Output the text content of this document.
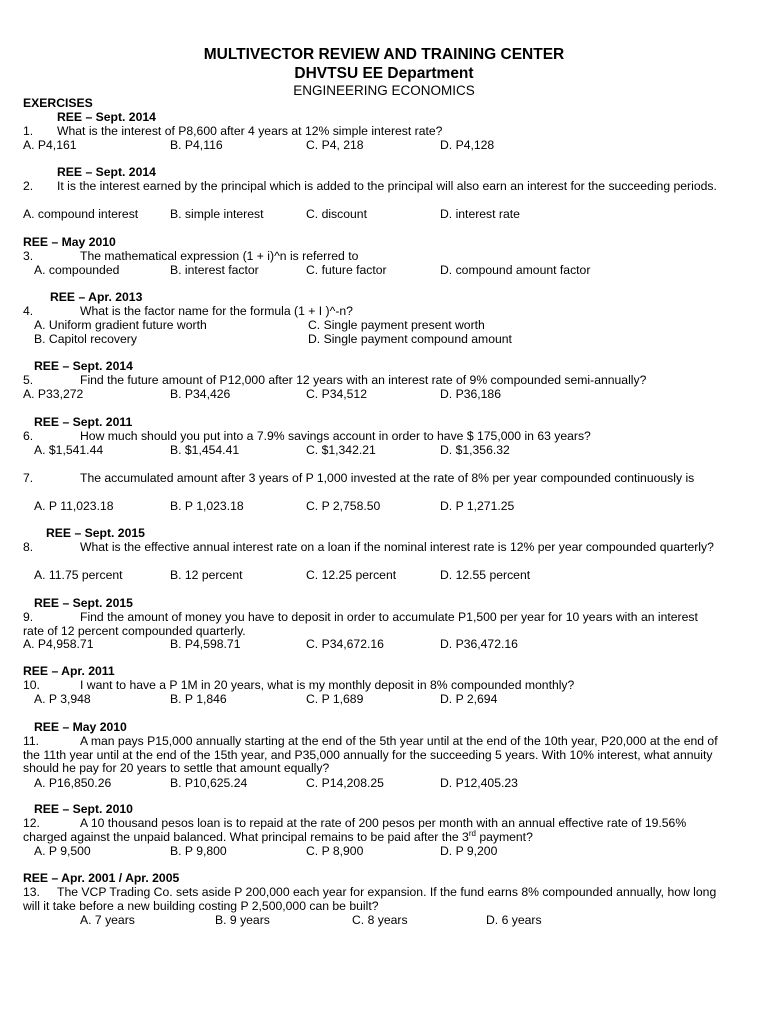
MULTIVECTOR REVIEW AND TRAINING CENTER
DHVTSU EE Department
ENGINEERING ECONOMICS
EXERCISES
REE – Sept. 2014
1. What is the interest of P8,600 after 4 years at 12% simple interest rate?
A. P4,161	B. P4,116	C. P4, 218	D. P4,128
REE – Sept. 2014
2.	It is the interest earned by the principal which is added to the principal will also earn an interest for the succeeding periods.
A. compound interest	B. simple interest	C. discount	D. interest rate
REE – May 2010
3.	The mathematical expression (1 + i)^n is referred to
A. compounded	B. interest factor	C. future factor	D. compound amount factor
REE – Apr. 2013
4.	What is the factor name for the formula (1 + I )^-n?
A. Uniform gradient future worth	C. Single payment present worth
B. Capitol recovery	D. Single payment compound amount
REE – Sept. 2014
5.	Find the future amount of P12,000 after 12 years with an interest rate of 9% compounded semi-annually?
A. P33,272	B. P34,426	C. P34,512	D. P36,186
REE – Sept. 2011
6.	How much should you put into a 7.9% savings account in order to have $ 175,000 in 63 years?
A. $1,541.44	B. $1,454.41	C. $1,342.21	D. $1,356.32
7.	The accumulated amount after 3 years of P 1,000 invested at the rate of 8% per year compounded continuously is
A. P 11,023.18	B. P 1,023.18	C. P 2,758.50	D. P 1,271.25
REE – Sept. 2015
8.	What is the effective annual interest rate on a loan if the nominal interest rate is 12% per year compounded quarterly?
A. 11.75 percent	B. 12 percent	C. 12.25 percent	D. 12.55 percent
REE – Sept. 2015
9.	Find the amount of money you have to deposit in order to accumulate P1,500 per year for 10 years with an interest rate of 12 percent compounded quarterly.
A. P4,958.71	B. P4,598.71	C. P34,672.16	D. P36,472.16
REE – Apr. 2011
10.	I want to have a P 1M in 20 years, what is my monthly deposit in 8% compounded monthly?
A. P 3,948	B. P 1,846	C. P 1,689	D. P 2,694
REE – May 2010
11.	A man pays P15,000 annually starting at the end of the 5th year until at the end of the 10th year, P20,000 at the end of the 11th year until at the end of the 15th year, and P35,000 annually for the succeeding 5 years. With 10% interest, what annuity should he pay for 20 years to settle that amount equally?
A. P16,850.26	B. P10,625.24	C. P14,208.25	D. P12,405.23
REE – Sept. 2010
12.	A 10 thousand pesos loan is to repaid at the rate of 200 pesos per month with an annual effective rate of 19.56% charged against the unpaid balanced. What principal remains to be paid after the 3rd payment?
A. P 9,500	B. P 9,800	C. P 8,900	D. P 9,200
REE – Apr. 2001 / Apr. 2005
13.	The VCP Trading Co. sets aside P 200,000 each year for expansion. If the fund earns 8% compounded annually, how long will it take before a new building costing P 2,500,000 can be built?
A. 7 years	B. 9 years	C. 8 years	D. 6 years
